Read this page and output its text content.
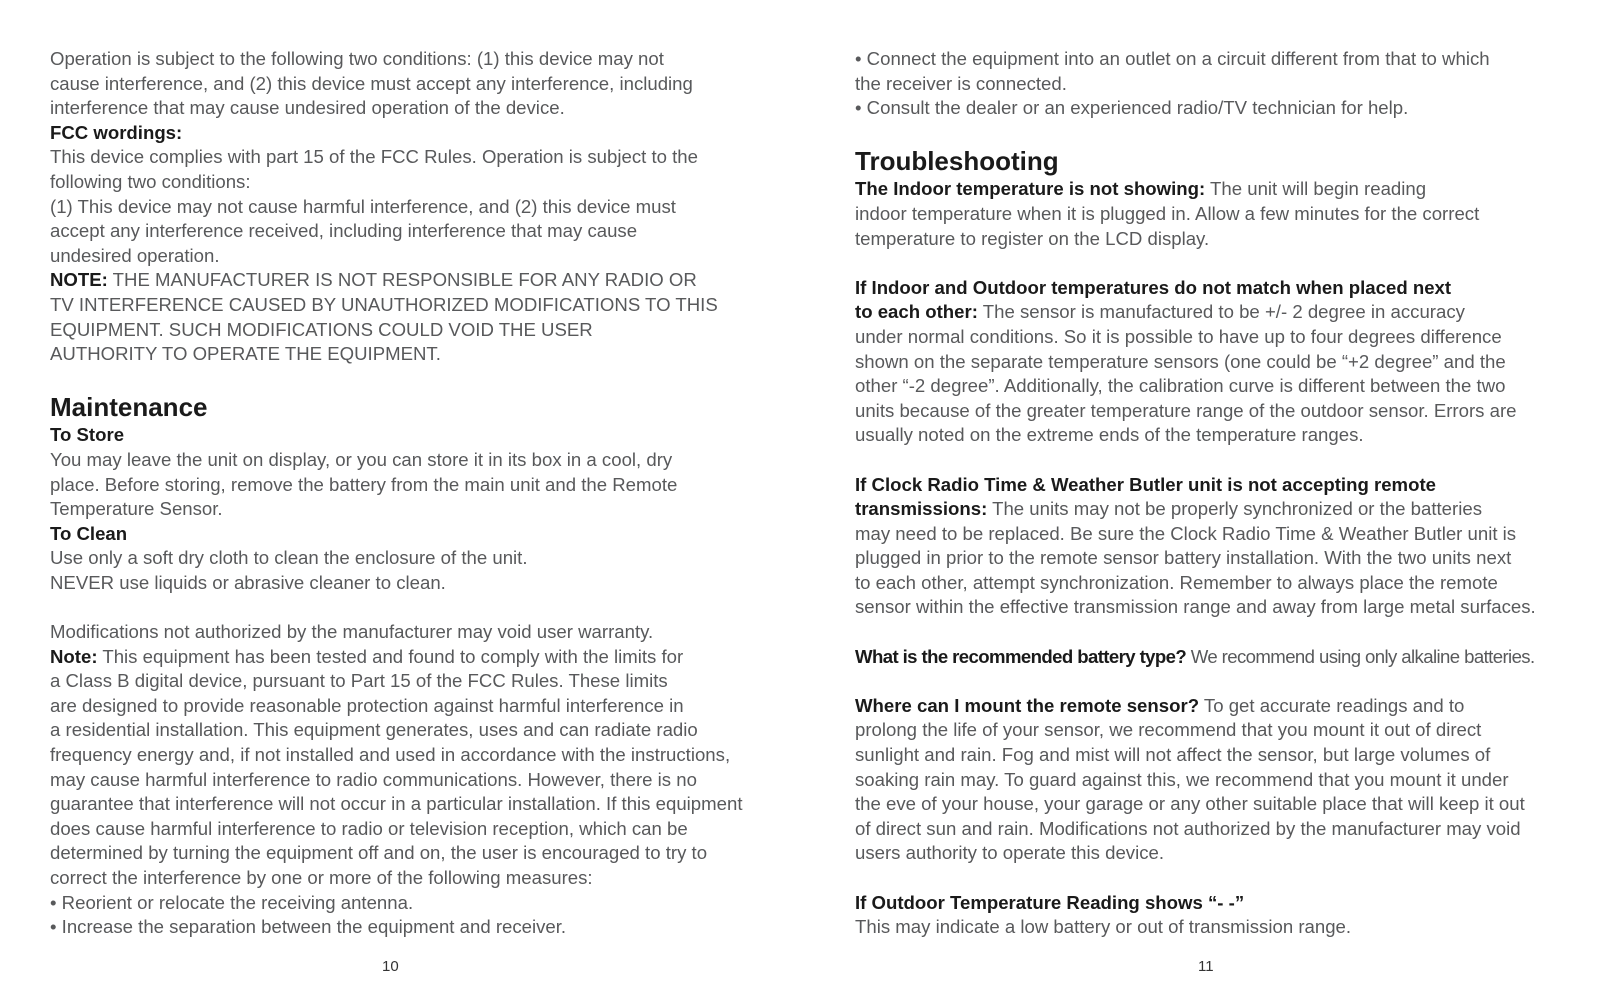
Operation is subject to the following two conditions: (1) this device may not
cause interference, and (2) this device must accept any interference, including
interference that may cause undesired operation of the device.

FCC wordings:

This device complies with part 15 of the FCC Rules. Operation is subject to the
following two conditions:
(1) This device may not cause harmful interference, and (2) this device must
accept any interference received, including interference that may cause
undesired operation.

NOTE: THE MANUFACTURER IS NOT RESPONSIBLE FOR ANY RADIO OR
TV INTERFERENCE CAUSED BY UNAUTHORIZED MODIFICATIONS TO THIS
EQUIPMENT. SUCH MODIFICATIONS COULD VOID THE USER
AUTHORITY TO OPERATE THE EQUIPMENT.

Maintenance

To Store

You may leave the unit on display, or you can store it in its box in a cool, dry
place. Before storing, remove the battery from the main unit and the Remote
Temperature Sensor.

To Clean

Use only a soft dry cloth to clean the enclosure of the unit.
NEVER use liquids or abrasive cleaner to clean.

Modifications not authorized by the manufacturer may void user warranty.

Note: This equipment has been tested and found to comply with the limits for
a Class B digital device, pursuant to Part 15 of the FCC Rules. These limits
are designed to provide reasonable protection against harmful interference in
a residential installation. This equipment generates, uses and can radiate radio
frequency energy and, if not installed and used in accordance with the instructions,
may cause harmful interference to radio communications. However, there is no
guarantee that interference will not occur in a particular installation. If this equipment
does cause harmful interference to radio or television reception, which can be
determined by turning the equipment off and on, the user is encouraged to try to
correct the interference by one or more of the following measures:

• Reorient or relocate the receiving antenna.

• Increase the separation between the equipment and receiver.

• Connect the equipment into an outlet on a circuit different from that to which
the receiver is connected.

• Consult the dealer or an experienced radio/TV technician for help.

Troubleshooting

The Indoor temperature is not showing: The unit will begin reading
indoor temperature when it is plugged in. Allow a few minutes for the correct
temperature to register on the LCD display.

If Indoor and Outdoor temperatures do not match when placed next
to each other: The sensor is manufactured to be +/- 2 degree in accuracy
under normal conditions. So it is possible to have up to four degrees difference
shown on the separate temperature sensors (one could be “+2 degree” and the
other “-2 degree”. Additionally, the calibration curve is different between the two
units because of the greater temperature range of the outdoor sensor. Errors are
usually noted on the extreme ends of the temperature ranges.

If Clock Radio Time & Weather Butler unit is not accepting remote
transmissions: The units may not be properly synchronized or the batteries
may need to be replaced. Be sure the Clock Radio Time & Weather Butler unit is
plugged in prior to the remote sensor battery installation. With the two units next
to each other, attempt synchronization. Remember to always place the remote
sensor within the effective transmission range and away from large metal surfaces.

What is the recommended battery type? We recommend using only alkaline batteries.

Where can I mount the remote sensor? To get accurate readings and to
prolong the life of your sensor, we recommend that you mount it out of direct
sunlight and rain. Fog and mist will not affect the sensor, but large volumes of
soaking rain may. To guard against this, we recommend that you mount it under
the eve of your house, your garage or any other suitable place that will keep it out
of direct sun and rain. Modifications not authorized by the manufacturer may void
users authority to operate this device.

If Outdoor Temperature Reading shows “- -”

This may indicate a low battery or out of transmission range.

10	11
